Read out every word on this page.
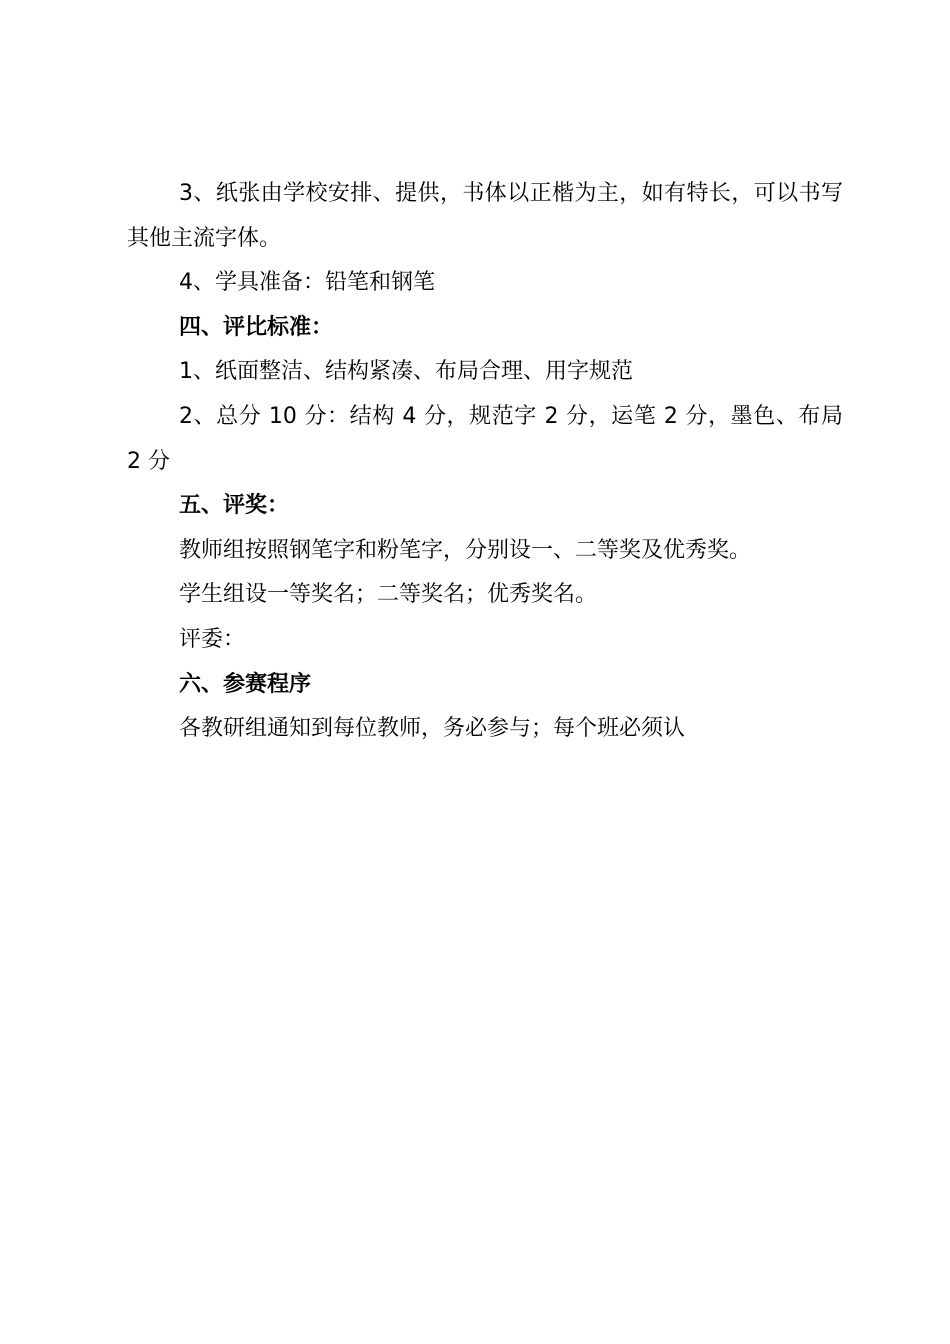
3、纸张由学校安排、提供，书体以正楷为主，如有特长，可以书写其他主流字体。

4、学具准备：铅笔和钢笔

四、评比标准：

1、纸面整洁、结构紧凑、布局合理、用字规范

2、总分 10 分：结构 4 分，规范字 2 分，运笔 2 分，墨色、布局 2 分

五、评奖：

教师组按照钢笔字和粉笔字，分别设一、二等奖及优秀奖。

学生组设一等奖名；二等奖名；优秀奖名。

评委：

六、参赛程序

各教研组通知到每位教师，务必参与；每个班必须认
